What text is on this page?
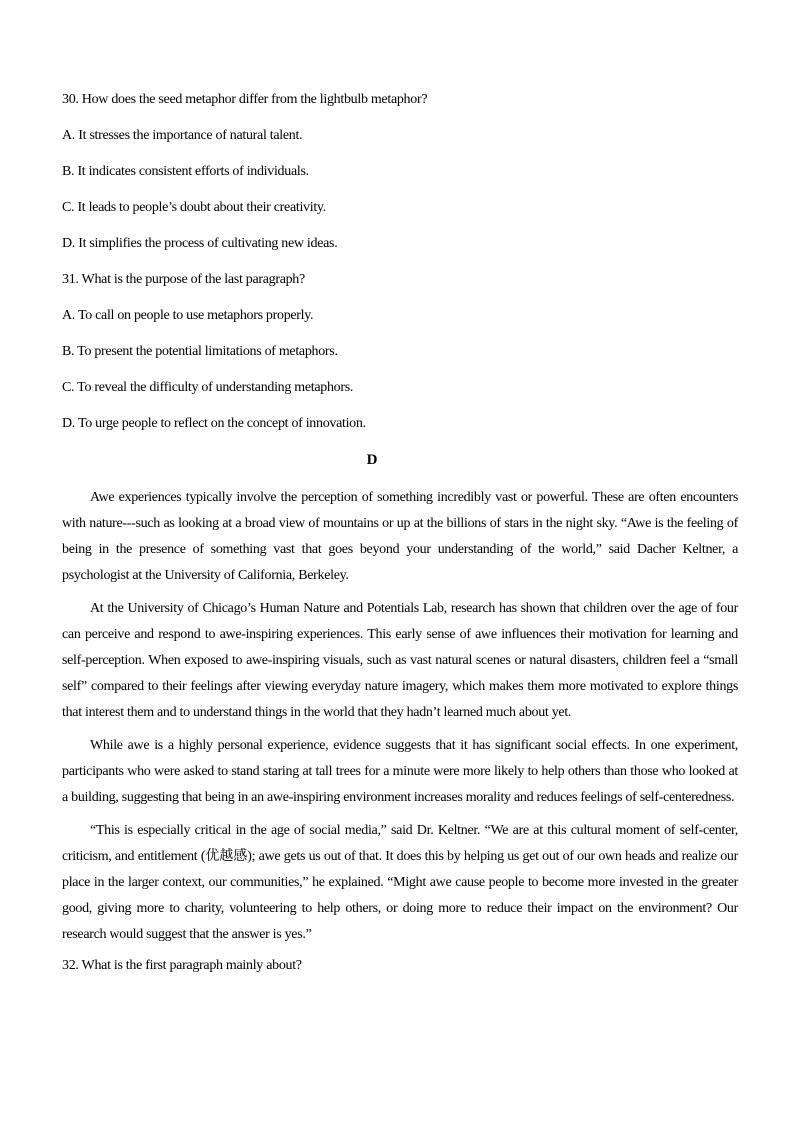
30. How does the seed metaphor differ from the lightbulb metaphor?

A. It stresses the importance of natural talent.

B. It indicates consistent efforts of individuals.

C. It leads to people’s doubt about their creativity.

D. It simplifies the process of cultivating new ideas.

31. What is the purpose of the last paragraph?

A. To call on people to use metaphors properly.

B. To present the potential limitations of metaphors.

C. To reveal the difficulty of understanding metaphors.

D. To urge people to reflect on the concept of innovation.

D

Awe experiences typically involve the perception of something incredibly vast or powerful. These are often encounters with nature---such as looking at a broad view of mountains or up at the billions of stars in the night sky. “Awe is the feeling of being in the presence of something vast that goes beyond your understanding of the world,” said Dacher Keltner, a psychologist at the University of California, Berkeley.

At the University of Chicago’s Human Nature and Potentials Lab, research has shown that children over the age of four can perceive and respond to awe-inspiring experiences. This early sense of awe influences their motivation for learning and self-perception. When exposed to awe-inspiring visuals, such as vast natural scenes or natural disasters, children feel a “small self” compared to their feelings after viewing everyday nature imagery, which makes them more motivated to explore things that interest them and to understand things in the world that they hadn’t learned much about yet.

While awe is a highly personal experience, evidence suggests that it has significant social effects. In one experiment, participants who were asked to stand staring at tall trees for a minute were more likely to help others than those who looked at a building, suggesting that being in an awe-inspiring environment increases morality and reduces feelings of self-centeredness.

“This is especially critical in the age of social media,” said Dr. Keltner. “We are at this cultural moment of self-center, criticism, and entitlement (优越感); awe gets us out of that. It does this by helping us get out of our own heads and realize our place in the larger context, our communities,” he explained. “Might awe cause people to become more invested in the greater good, giving more to charity, volunteering to help others, or doing more to reduce their impact on the environment? Our research would suggest that the answer is yes.”

32. What is the first paragraph mainly about?
